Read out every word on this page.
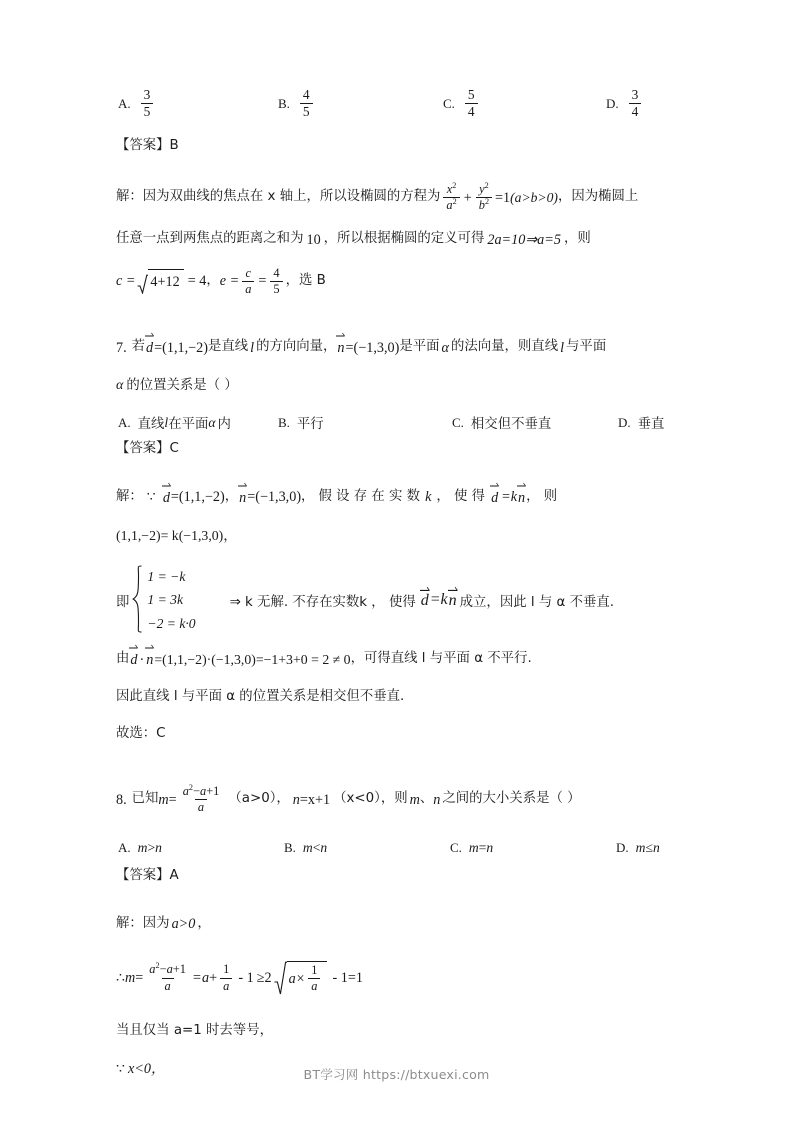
A. $\frac{3}{5}$	B. $\frac{4}{5}$	C. $\frac{5}{4}$	D. $\frac{3}{4}$
【答案】B
解：因为双曲线的焦点在 x 轴上，所以设椭圆的方程为 $\frac{x^2}{a^2} + \frac{y^2}{b^2} =1$ (a>b>0) ，因为椭圆上
任意一点到两焦点的距离之和为 10 ，所以根据椭圆的定义可得 2a=10⇒a=5 ，则
c = 4+12 = 4 ， $e = \frac{c}{a} = \frac{4}{5}$ ，选 B
7. 若 d =(1,1,−2) 是直线 l 的方向向量， n =(−1,3,0) 是平面 α 的法向量，则直线 l 与平面
α 的位置关系是（ ）
A. 直线 l 在平面 α 内	B. 平行	C. 相交但不垂直	D. 垂直
【答案】C
解： ∵ d =(1,1,−2) ， n =(−1,3,0) ， 假 设 存 在 实 数 k ， 使 得 d =k n ， 则
(1,1,−2)= k(−1,3,0)，
即
1 = −k
1 = 3k
−2 = k·0
⇒ k 无解. 不存在实数k ， 使得 d =k n 成立，因此 l 与 α 不垂直.
由 d · n =(1,1,−2)·(−1,3,0)=−1+3+0 = 2 ≠ 0 ，可得直线 l 与平面 α 不平行.
因此直线 l 与平面 α 的位置关系是相交但不垂直.
故选：C
8. 已知 $m = \frac{a^2-a+1}{a} (a>0)$， n =x+1 （x<0），则 m 、 n 之间的大小关系是（ ）
A. m > n	B. m < n	C. m = n	D. m ≤ n
【答案】A
解：因为 a>0 ，
∴ $m = \frac{a^2-a+1}{a} = a + \frac{1}{a} - 1 \ge 2$ $a\times \frac{1}{a} - 1=1$
当且仅当 a=1 时去等号，
∵ x<0，	BT学习网 https://btxuexi.com
